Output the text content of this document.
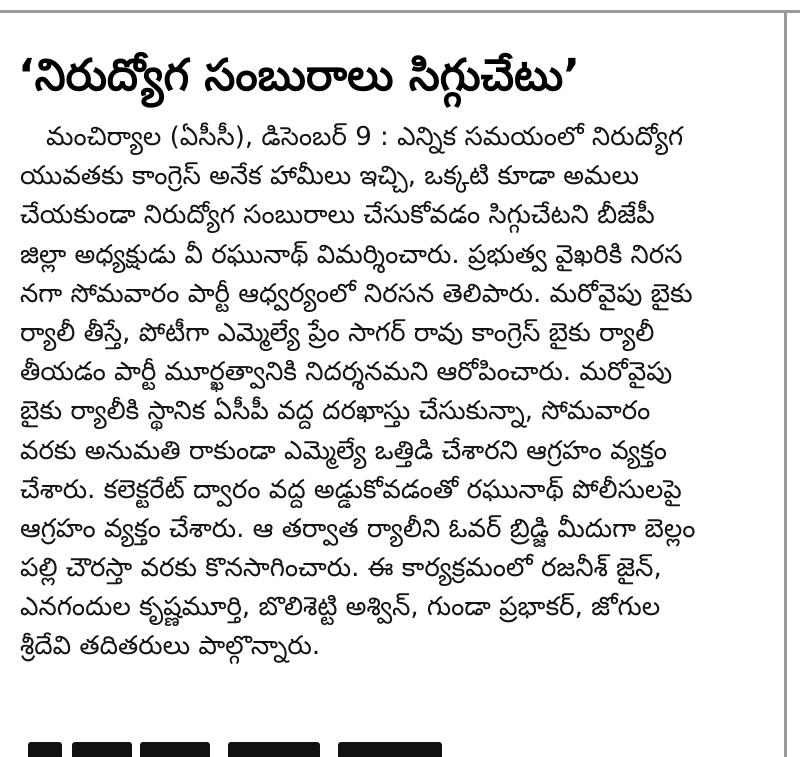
‘నిరుద్యోగ సంబురాలు సిగ్గుచేటు’
మంచిర్యాల (ఏసీసీ), డిసెంబర్ 9 : ఎన్నిక సమయంలో నిరుద్యోగ
యువతకు కాంగ్రెస్ అనేక హామీలు ఇచ్చి, ఒక్కటి కూడా అమలు
చేయకుండా నిరుద్యోగ సంబురాలు చేసుకోవడం సిగ్గుచేటని బీజేపీ
జిల్లా అధ్యక్షుడు వీ రఘునాథ్ విమర్శించారు. ప్రభుత్వ వైఖరికి నిరస
నగా సోమవారం పార్టీ ఆధ్వర్యంలో నిరసన తెలిపారు. మరోవైపు బైకు
ర్యాలీ తీస్తే, పోటీగా ఎమ్మెల్యే ప్రేం సాగర్ రావు కాంగ్రెస్ బైకు ర్యాలీ
తీయడం పార్టీ మూర్ఖత్వానికి నిదర్శనమని ఆరోపించారు. మరోవైపు
బైకు ర్యాలీకి స్థానిక ఏసీపీ వద్ద దరఖాస్తు చేసుకున్నా, సోమవారం
వరకు అనుమతి రాకుండా ఎమ్మెల్యే ఒత్తిడి చేశారని ఆగ్రహం వ్యక్తం
చేశారు. కలెక్టరేట్ ద్వారం వద్ద అడ్డుకోవడంతో రఘునాథ్ పోలీసులపై
ఆగ్రహం వ్యక్తం చేశారు. ఆ తర్వాత ర్యాలీని ఓవర్ బ్రిడ్జి మీదుగా బెల్లం
పల్లి చౌరస్తా వరకు కొనసాగించారు. ఈ కార్యక్రమంలో రజనీశ్ జైన్,
ఎనగందుల కృష్ణమూర్తి, బొలిశెట్టి అశ్విన్, గుండా ప్రభాకర్, జోగుల
శ్రీదేవి తదితరులు పాల్గొన్నారు.
